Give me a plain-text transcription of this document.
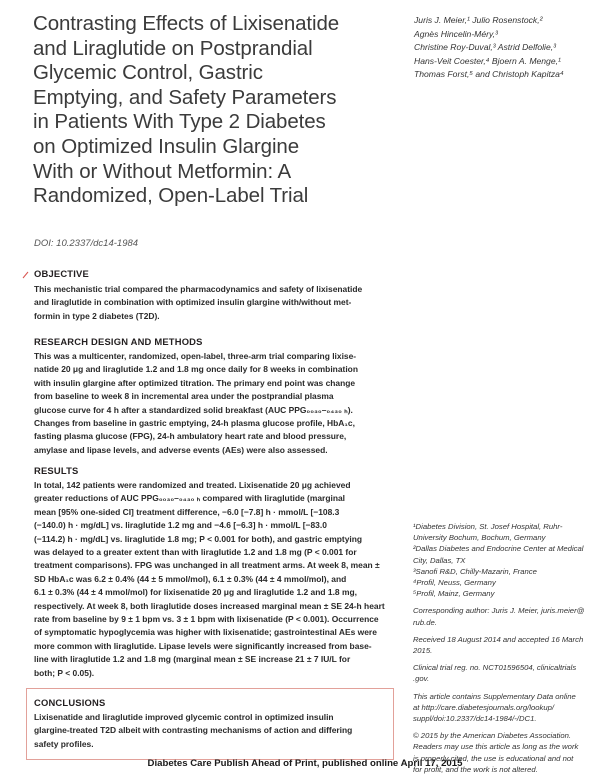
Contrasting Effects of Lixisenatide
and Liraglutide on Postprandial
Glycemic Control, Gastric
Emptying, and Safety Parameters
in Patients With Type 2 Diabetes
on Optimized Insulin Glargine
With or Without Metformin: A
Randomized, Open-Label Trial
DOI: 10.2337/dc14-1984
Juris J. Meier,¹ Julio Rosenstock,²
Agnès Hincelin-Méry,³
Christine Roy-Duval,³ Astrid Delfolie,³
Hans-Veit Coester,⁴ Bjoern A. Menge,¹
Thomas Forst,⁵ and Christoph Kapitza⁴
OBJECTIVE
This mechanistic trial compared the pharmacodynamics and safety of lixisenatide
and liraglutide in combination with optimized insulin glargine with/without met-
formin in type 2 diabetes (T2D).
RESEARCH DESIGN AND METHODS
This was a multicenter, randomized, open-label, three-arm trial comparing lixise-
natide 20 μg and liraglutide 1.2 and 1.8 mg once daily for 8 weeks in combination
with insulin glargine after optimized titration. The primary end point was change
from baseline to week 8 in incremental area under the postprandial plasma
glucose curve for 4 h after a standardized solid breakfast (AUC PPG₀₀₃₀–₀₄₃₀ ₕ).
Changes from baseline in gastric emptying, 24-h plasma glucose profile, HbA₁c,
fasting plasma glucose (FPG), 24-h ambulatory heart rate and blood pressure,
amylase and lipase levels, and adverse events (AEs) were also assessed.
RESULTS
In total, 142 patients were randomized and treated. Lixisenatide 20 μg achieved
greater reductions of AUC PPG₀₀₃₀–₀₄₃₀ ₕ compared with liraglutide (marginal
mean [95% one-sided CI] treatment difference, −6.0 [−7.8] h · mmol/L [−108.3
(−140.0) h · mg/dL] vs. liraglutide 1.2 mg and −4.6 [−6.3] h · mmol/L [−83.0
(−114.2) h · mg/dL] vs. liraglutide 1.8 mg; P < 0.001 for both), and gastric emptying
was delayed to a greater extent than with liraglutide 1.2 and 1.8 mg (P < 0.001 for
treatment comparisons). FPG was unchanged in all treatment arms. At week 8, mean ±
SD HbA₁c was 6.2 ± 0.4% (44 ± 5 mmol/mol), 6.1 ± 0.3% (44 ± 4 mmol/mol), and
6.1 ± 0.3% (44 ± 4 mmol/mol) for lixisenatide 20 μg and liraglutide 1.2 and 1.8 mg,
respectively. At week 8, both liraglutide doses increased marginal mean ± SE 24-h heart
rate from baseline by 9 ± 1 bpm vs. 3 ± 1 bpm with lixisenatide (P < 0.001). Occurrence
of symptomatic hypoglycemia was higher with lixisenatide; gastrointestinal AEs were
more common with liraglutide. Lipase levels were significantly increased from base-
line with liraglutide 1.2 and 1.8 mg (marginal mean ± SE increase 21 ± 7 IU/L for
both; P < 0.05).
CONCLUSIONS
Lixisenatide and liraglutide improved glycemic control in optimized insulin
glargine-treated T2D albeit with contrasting mechanisms of action and differing
safety profiles.
¹Diabetes Division, St. Josef Hospital, Ruhr-
University Bochum, Bochum, Germany
²Dallas Diabetes and Endocrine Center at Medical
City, Dallas, TX
³Sanofi R&D, Chilly-Mazarin, France
⁴Profil, Neuss, Germany
⁵Profil, Mainz, Germany
Corresponding author: Juris J. Meier, juris.meier@
rub.de.
Received 18 August 2014 and accepted 16 March
2015.
Clinical trial reg. no. NCT01596504, clinicaltrials
.gov.
This article contains Supplementary Data online
at http://care.diabetesjournals.org/lookup/
suppl/doi:10.2337/dc14-1984/-/DC1.
© 2015 by the American Diabetes Association.
Readers may use this article as long as the work
is properly cited, the use is educational and not
for profit, and the work is not altered.
Diabetes Care Publish Ahead of Print, published online April 17, 2015
